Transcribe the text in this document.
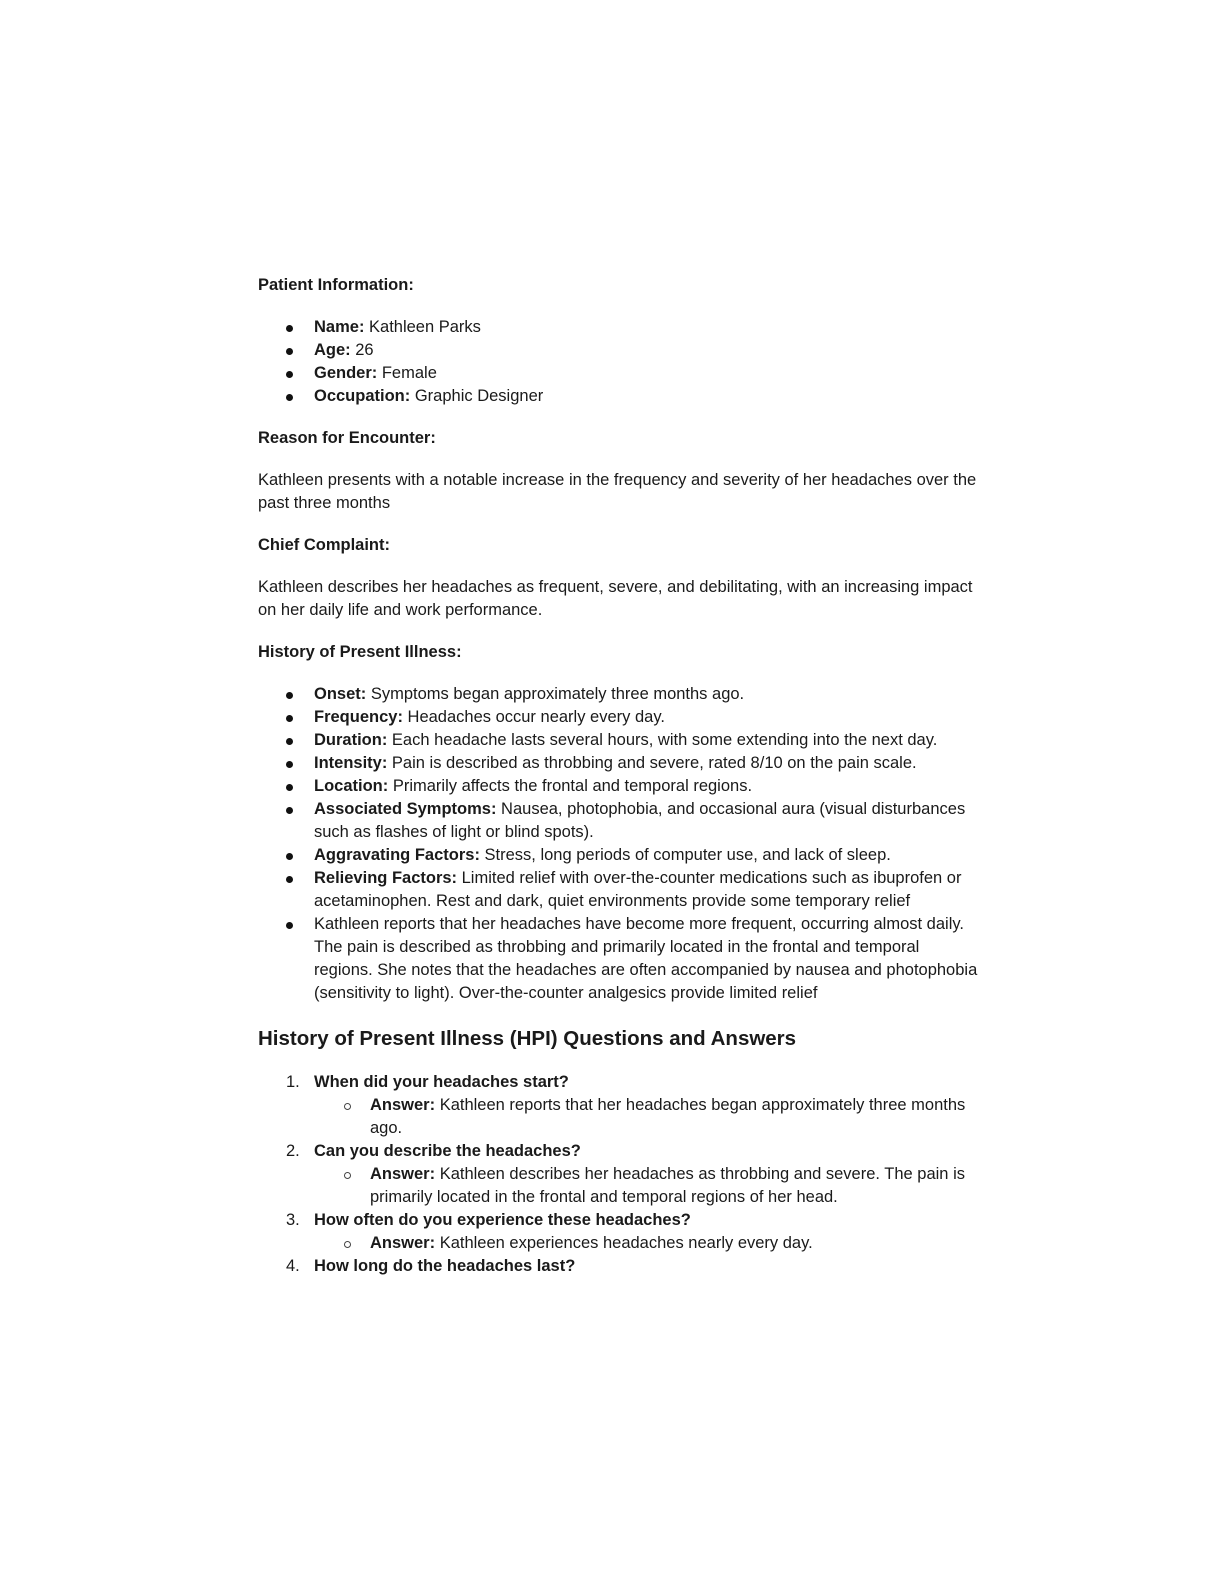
Patient Information:

Name: Kathleen Parks
Age: 26
Gender: Female
Occupation: Graphic Designer

Reason for Encounter:

Kathleen presents with a notable increase in the frequency and severity of her headaches over the past three months

Chief Complaint:

Kathleen describes her headaches as frequent, severe, and debilitating, with an increasing impact on her daily life and work performance.

History of Present Illness:

Onset: Symptoms began approximately three months ago.
Frequency: Headaches occur nearly every day.
Duration: Each headache lasts several hours, with some extending into the next day.
Intensity: Pain is described as throbbing and severe, rated 8/10 on the pain scale.
Location: Primarily affects the frontal and temporal regions.
Associated Symptoms: Nausea, photophobia, and occasional aura (visual disturbances such as flashes of light or blind spots).
Aggravating Factors: Stress, long periods of computer use, and lack of sleep.
Relieving Factors: Limited relief with over-the-counter medications such as ibuprofen or acetaminophen. Rest and dark, quiet environments provide some temporary relief
Kathleen reports that her headaches have become more frequent, occurring almost daily. The pain is described as throbbing and primarily located in the frontal and temporal regions. She notes that the headaches are often accompanied by nausea and photophobia (sensitivity to light). Over-the-counter analgesics provide limited relief

History of Present Illness (HPI) Questions and Answers

1. When did your headaches start?
Answer: Kathleen reports that her headaches began approximately three months ago.
2. Can you describe the headaches?
Answer: Kathleen describes her headaches as throbbing and severe. The pain is primarily located in the frontal and temporal regions of her head.
3. How often do you experience these headaches?
Answer: Kathleen experiences headaches nearly every day.
4. How long do the headaches last?
